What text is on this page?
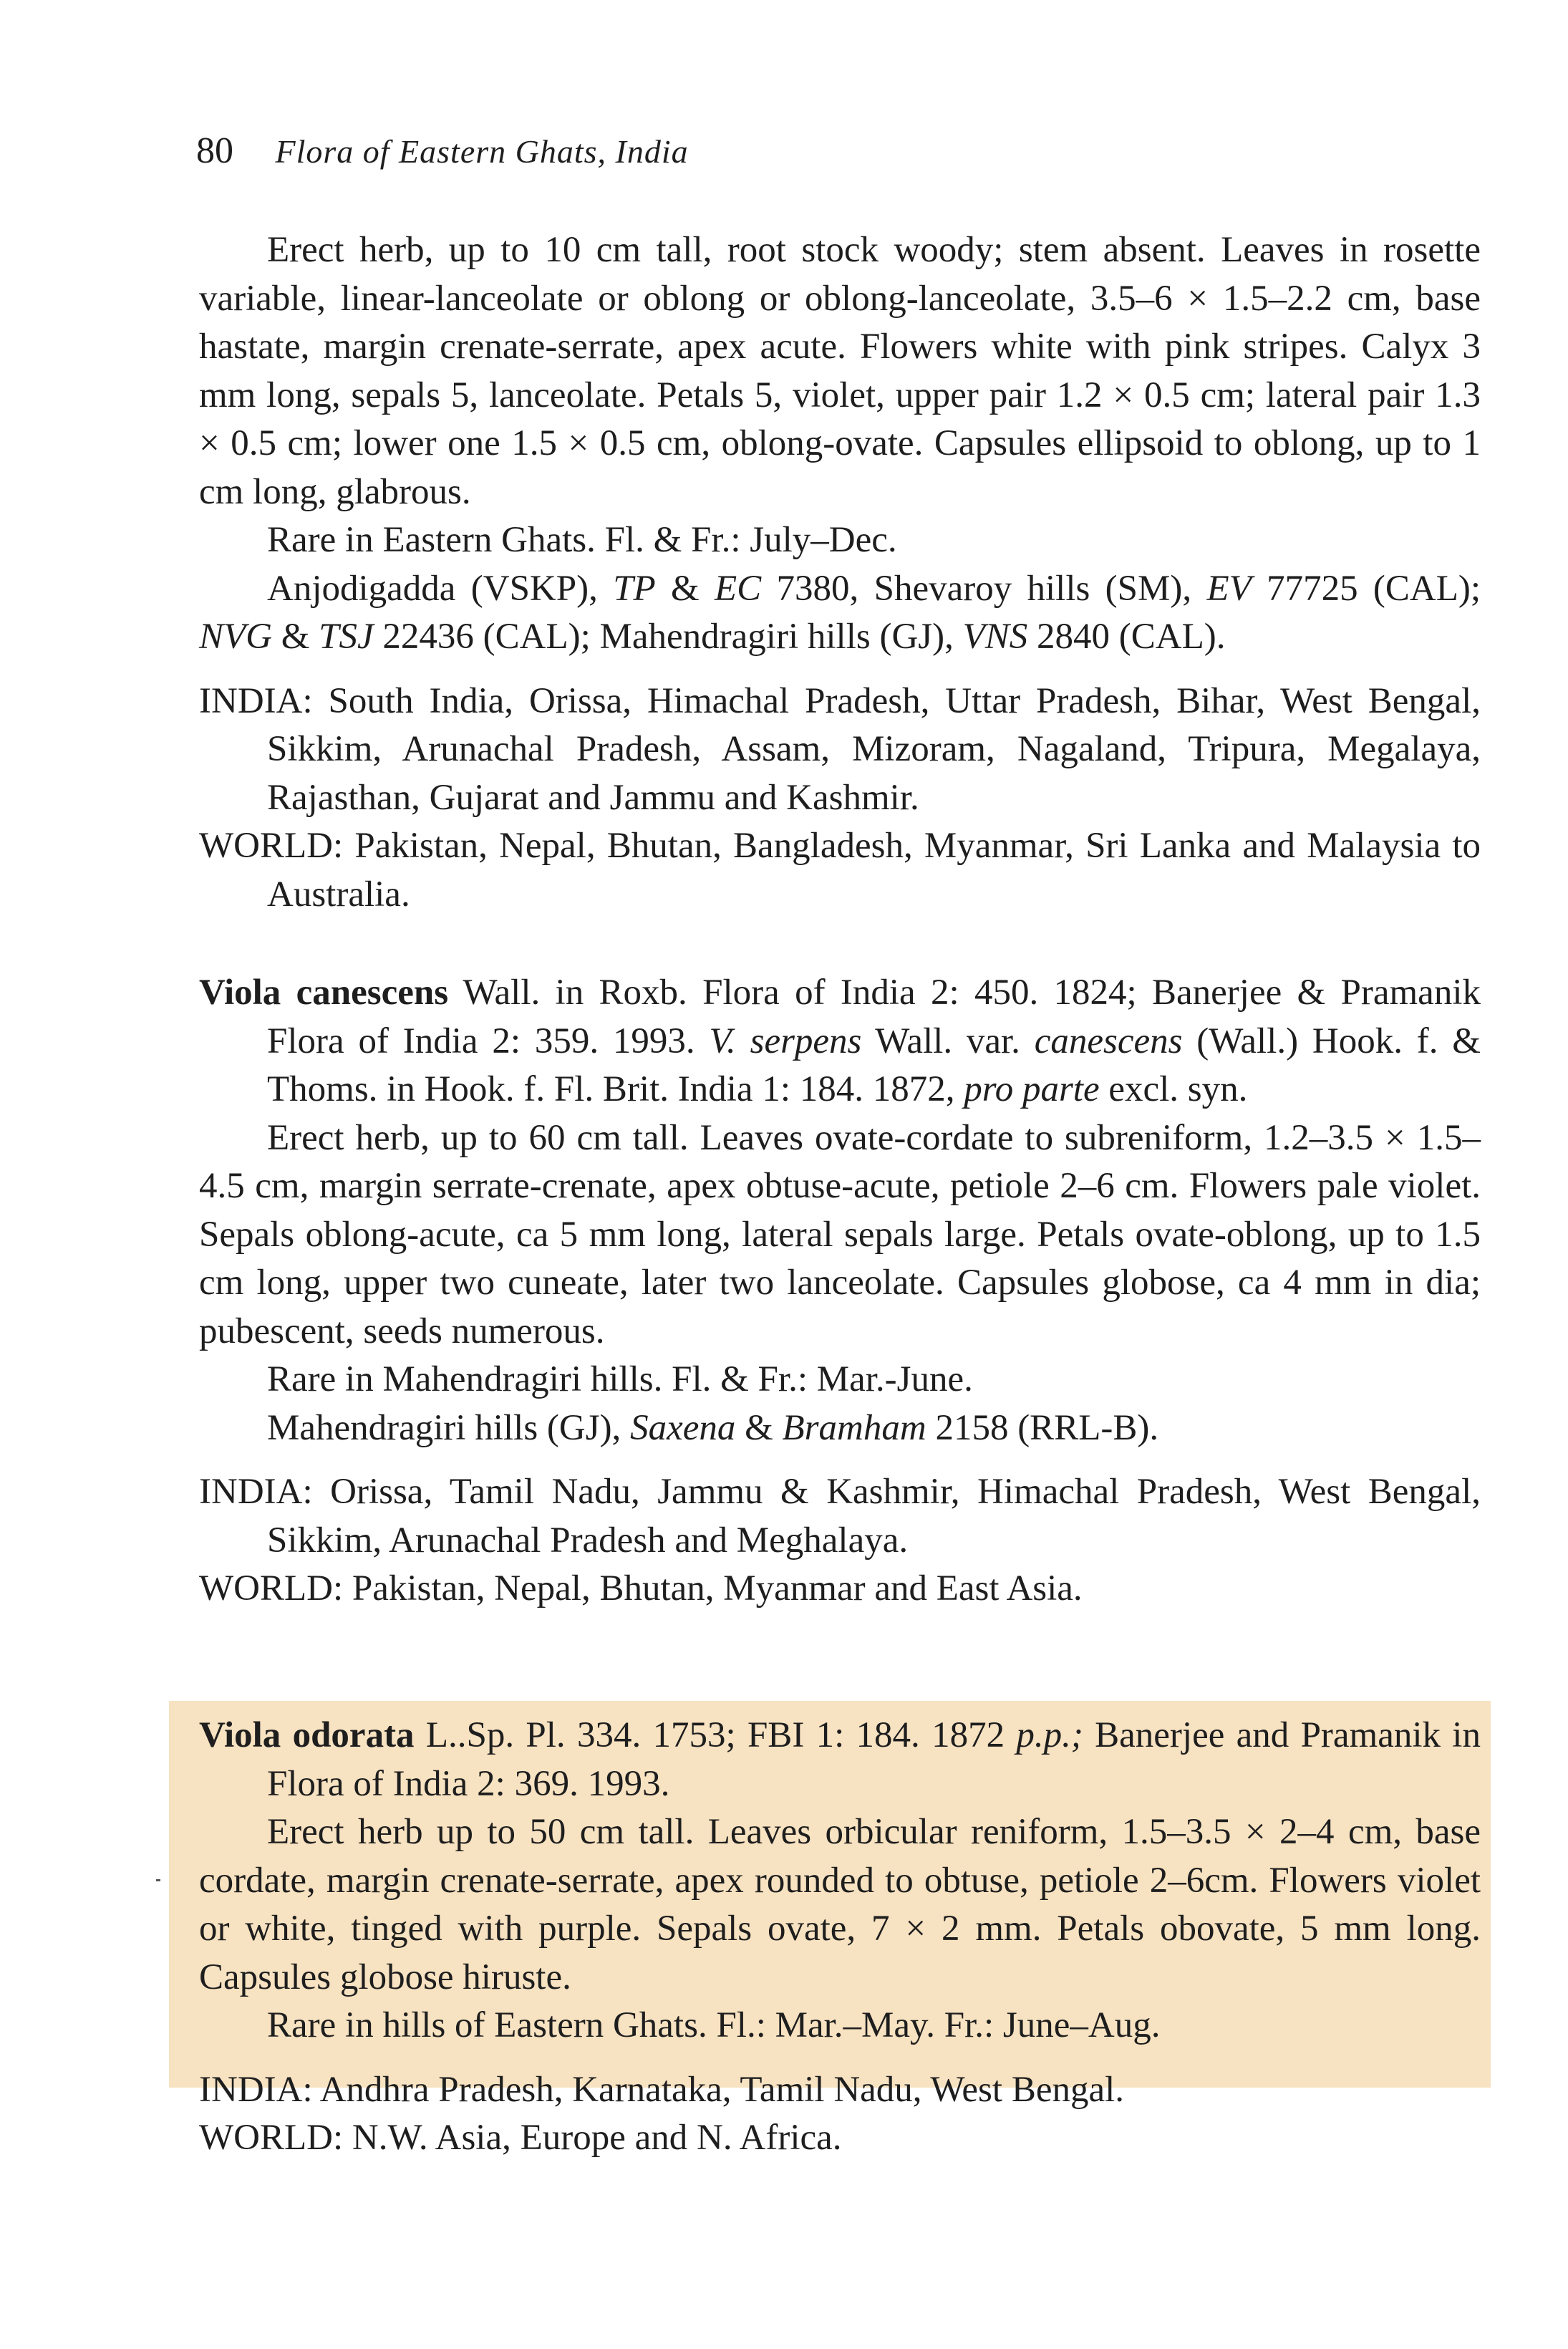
80 Flora of Eastern Ghats, India

Erect herb, up to 10 cm tall, root stock woody; stem absent. Leaves in rosette variable, linear-lanceolate or oblong or oblong-lanceolate, 3.5–6 × 1.5–2.2 cm, base hastate, margin crenate-serrate, apex acute. Flowers white with pink stripes. Calyx 3 mm long, sepals 5, lanceolate. Petals 5, violet, upper pair 1.2 × 0.5 cm; lateral pair 1.3 × 0.5 cm; lower one 1.5 × 0.5 cm, oblong-ovate. Capsules ellipsoid to oblong, up to 1 cm long, glabrous.

Rare in Eastern Ghats. Fl. & Fr.: July–Dec.

Anjodigadda (VSKP), TP & EC 7380, Shevaroy hills (SM), EV 77725 (CAL); NVG & TSJ 22436 (CAL); Mahendragiri hills (GJ), VNS 2840 (CAL).

INDIA: South India, Orissa, Himachal Pradesh, Uttar Pradesh, Bihar, West Bengal, Sikkim, Arunachal Pradesh, Assam, Mizoram, Nagaland, Tripura, Megalaya, Rajasthan, Gujarat and Jammu and Kashmir.

WORLD: Pakistan, Nepal, Bhutan, Bangladesh, Myanmar, Sri Lanka and Malaysia to Australia.

Viola canescens Wall. in Roxb. Flora of India 2: 450. 1824; Banerjee & Pramanik Flora of India 2: 359. 1993. V. serpens Wall. var. canescens (Wall.) Hook. f. & Thoms. in Hook. f. Fl. Brit. India 1: 184. 1872, pro parte excl. syn.

Erect herb, up to 60 cm tall. Leaves ovate-cordate to subreniform, 1.2–3.5 × 1.5–4.5 cm, margin serrate-crenate, apex obtuse-acute, petiole 2–6 cm. Flowers pale violet. Sepals oblong-acute, ca 5 mm long, lateral sepals large. Petals ovate-oblong, up to 1.5 cm long, upper two cuneate, later two lanceolate. Capsules globose, ca 4 mm in dia; pubescent, seeds numerous.

Rare in Mahendragiri hills. Fl. & Fr.: Mar.-June.

Mahendragiri hills (GJ), Saxena & Bramham 2158 (RRL-B).

INDIA: Orissa, Tamil Nadu, Jammu & Kashmir, Himachal Pradesh, West Bengal, Sikkim, Arunachal Pradesh and Meghalaya.

WORLD: Pakistan, Nepal, Bhutan, Myanmar and East Asia.

Viola odorata L..Sp. Pl. 334. 1753; FBI 1: 184. 1872 p.p.; Banerjee and Pramanik in Flora of India 2: 369. 1993.

Erect herb up to 50 cm tall. Leaves orbicular reniform, 1.5–3.5 × 2–4 cm, base cordate, margin crenate-serrate, apex rounded to obtuse, petiole 2–6cm. Flowers violet or white, tinged with purple. Sepals ovate, 7 × 2 mm. Petals obovate, 5 mm long. Capsules globose hiruste.

Rare in hills of Eastern Ghats. Fl.: Mar.–May. Fr.: June–Aug.

INDIA: Andhra Pradesh, Karnataka, Tamil Nadu, West Bengal.

WORLD: N.W. Asia, Europe and N. Africa.
